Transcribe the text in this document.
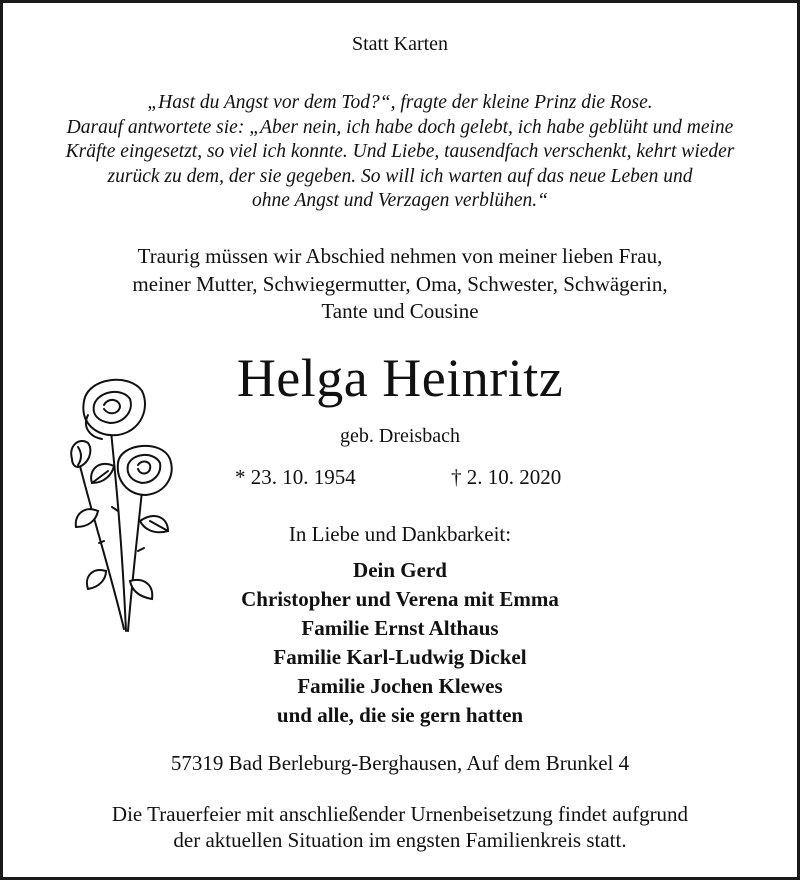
Statt Karten
„Hast du Angst vor dem Tod?“, fragte der kleine Prinz die Rose.
Darauf antwortete sie: „Aber nein, ich habe doch gelebt, ich habe geblüht und meine
Kräfte eingesetzt, so viel ich konnte. Und Liebe, tausendfach verschenkt, kehrt wieder
zurück zu dem, der sie gegeben. So will ich warten auf das neue Leben und
ohne Angst und Verzagen verblühen.“
Traurig müssen wir Abschied nehmen von meiner lieben Frau,
meiner Mutter, Schwiegermutter, Oma, Schwester, Schwägerin,
Tante und Cousine
Helga Heinritz
geb. Dreisbach
* 23. 10. 1954	† 2. 10. 2020
In Liebe und Dankbarkeit:
Dein Gerd
Christopher und Verena mit Emma
Familie Ernst Althaus
Familie Karl-Ludwig Dickel
Familie Jochen Klewes
und alle, die sie gern hatten
57319 Bad Berleburg-Berghausen, Auf dem Brunkel 4
Die Trauerfeier mit anschließender Urnenbeisetzung findet aufgrund
der aktuellen Situation im engsten Familienkreis statt.
